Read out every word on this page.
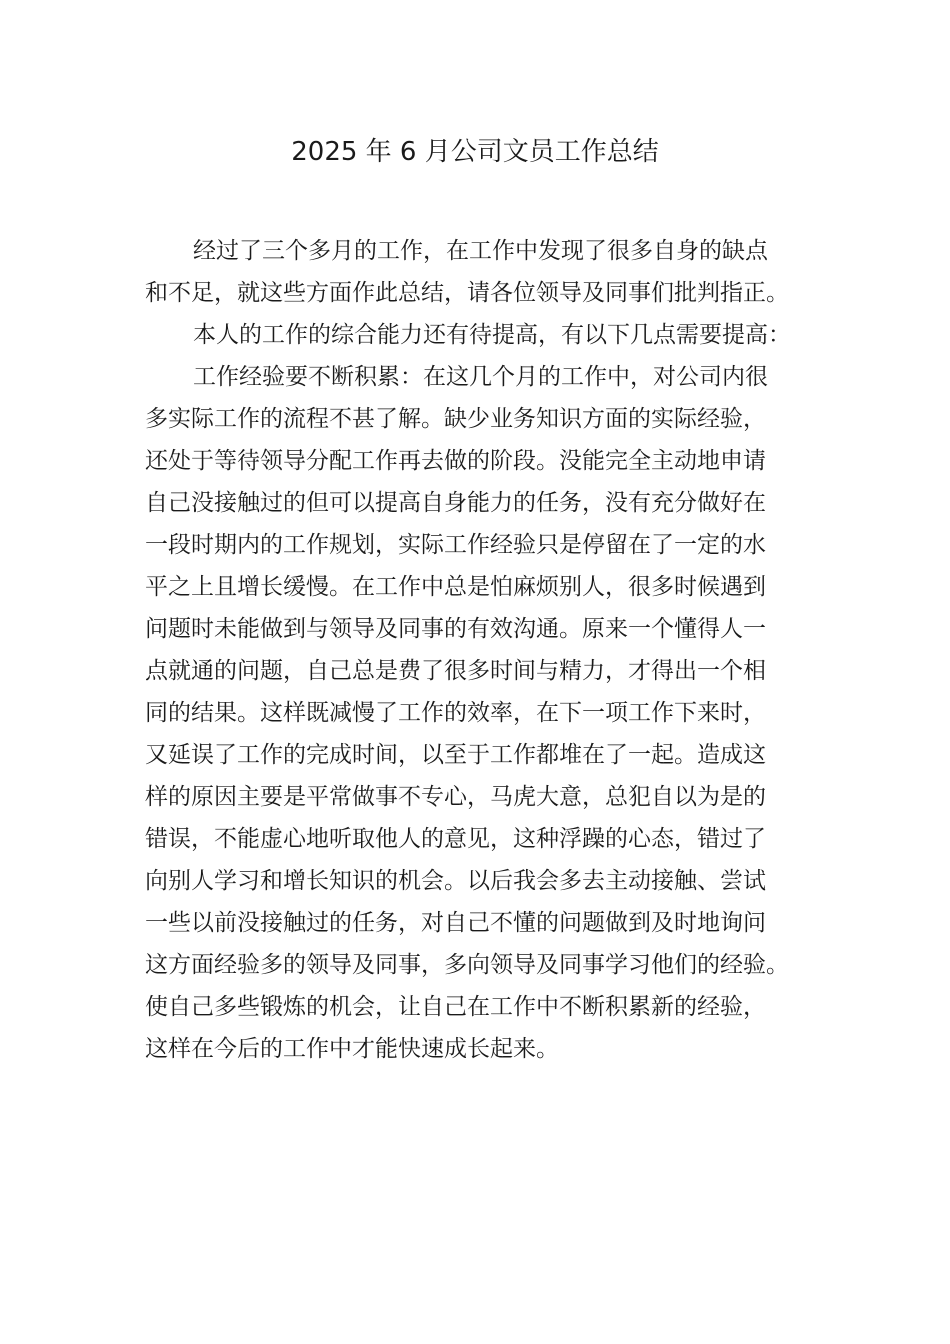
2025 年 6 月公司文员工作总结
经过了三个多月的工作，在工作中发现了很多自身的缺点
和不足，就这些方面作此总结，请各位领导及同事们批判指正。
本人的工作的综合能力还有待提高，有以下几点需要提高：
工作经验要不断积累：在这几个月的工作中，对公司内很
多实际工作的流程不甚了解。缺少业务知识方面的实际经验，
还处于等待领导分配工作再去做的阶段。没能完全主动地申请
自己没接触过的但可以提高自身能力的任务，没有充分做好在
一段时期内的工作规划，实际工作经验只是停留在了一定的水
平之上且增长缓慢。在工作中总是怕麻烦别人，很多时候遇到
问题时未能做到与领导及同事的有效沟通。原来一个懂得人一
点就通的问题，自己总是费了很多时间与精力，才得出一个相
同的结果。这样既减慢了工作的效率，在下一项工作下来时，
又延误了工作的完成时间，以至于工作都堆在了一起。造成这
样的原因主要是平常做事不专心，马虎大意，总犯自以为是的
错误，不能虚心地听取他人的意见，这种浮躁的心态，错过了
向别人学习和增长知识的机会。以后我会多去主动接触、尝试
一些以前没接触过的任务，对自己不懂的问题做到及时地询问
这方面经验多的领导及同事，多向领导及同事学习他们的经验。
使自己多些锻炼的机会，让自己在工作中不断积累新的经验，
这样在今后的工作中才能快速成长起来。
